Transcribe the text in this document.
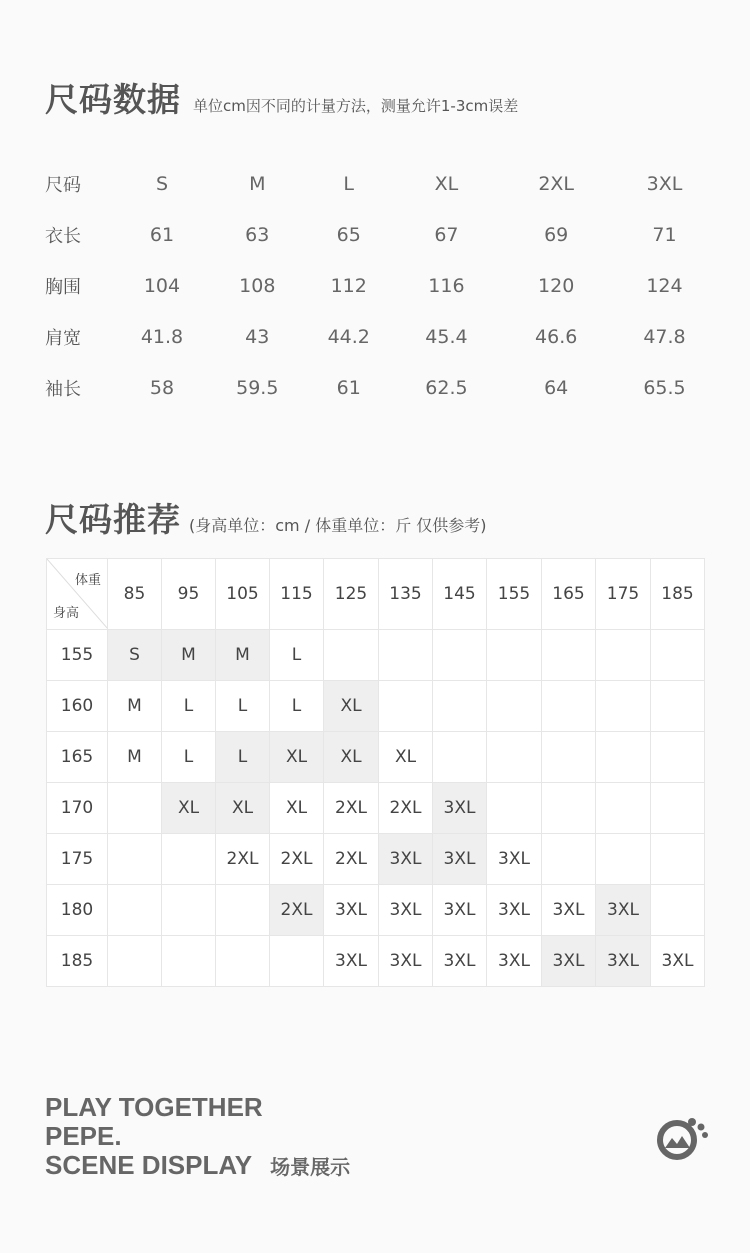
尺码数据 单位cm因不同的计量方法，测量允许1-3cm误差
尺码	S	M	L	XL	2XL	3XL
衣长	61	63	65	67	69	71
胸围	104	108	112	116	120	124
肩宽	41.8	43	44.2	45.4	46.6	47.8
袖长	58	59.5	61	62.5	64	65.5
尺码推荐 (身高单位：cm / 体重单位：斤 仅供参考)
体重
身高	85	95	105	115	125	135	145	155	165	175	185
155	S	M	M	L							
160	M	L	L	L	XL						
165	M	L	L	XL	XL	XL					
170		XL	XL	XL	2XL	2XL	3XL				
175			2XL	2XL	2XL	3XL	3XL	3XL			
180				2XL	3XL	3XL	3XL	3XL	3XL	3XL	
185					3XL	3XL	3XL	3XL	3XL	3XL	3XL
PLAY TOGETHER
PEPE.
SCENE DISPLAY 场景展示
